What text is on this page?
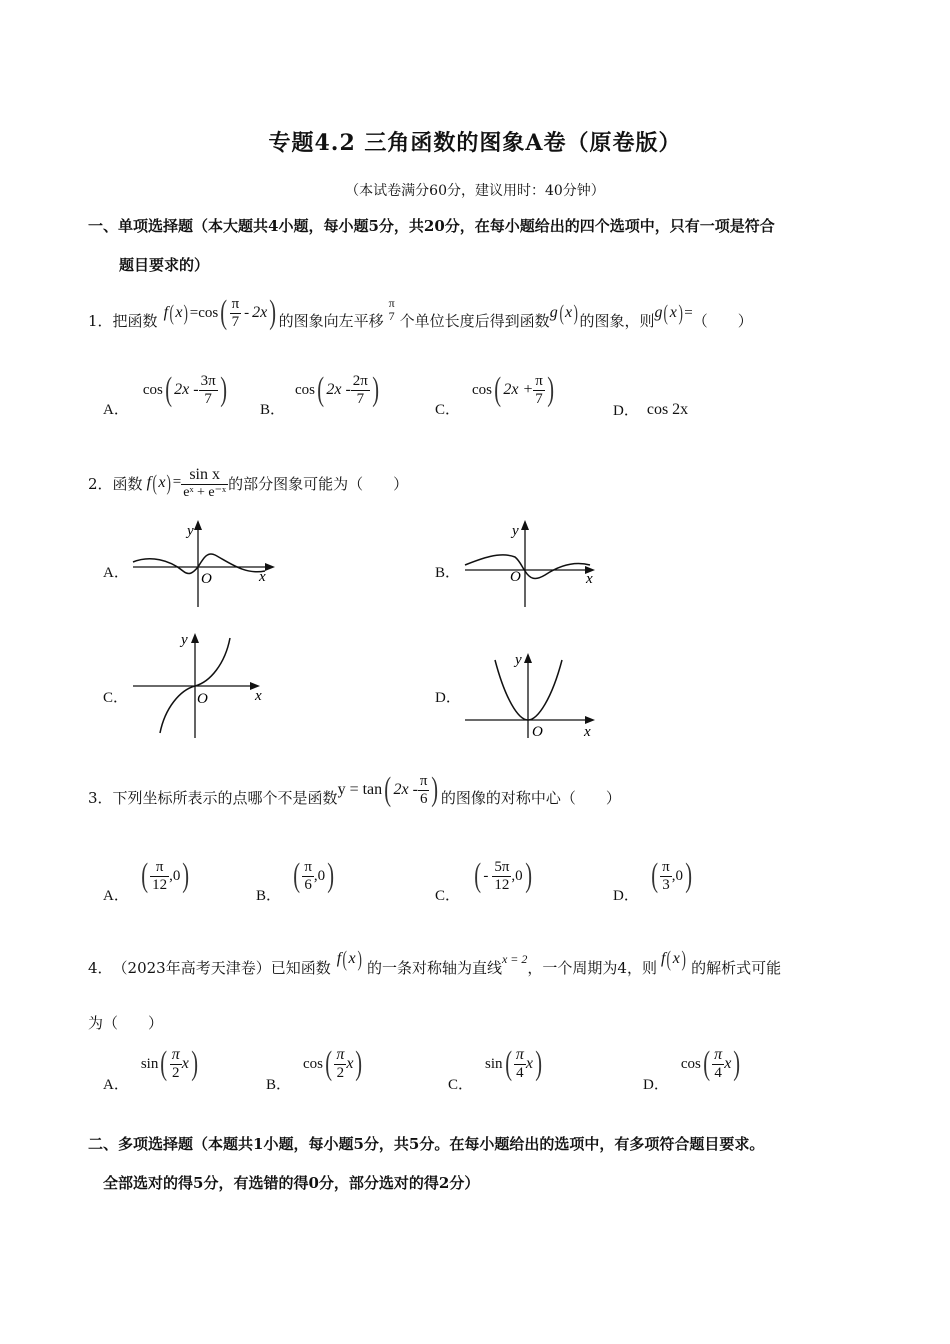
专题4.2 三角函数的图象A卷（原卷版）
（本试卷满分60分，建议用时：40分钟）
一、单项选择题（本大题共4小题，每小题5分，共20分，在每小题给出的四个选项中，只有一项是符合
题目要求的）
1． 把函数 f ( x ) = cos ( $\frac{\pi}{7} - 2x$ ) 的图象向左平移
π
7 个单位长度后得到函数 g ( x ) 的图象，则 g ( x ) = （　　）
A．
cos ( $2x - \frac{3\pi}{7}$ )
B．
cos ( $2x - \frac{2\pi}{7}$ )
C．
cos ( $2x + \frac{\pi}{7}$ )
D． cos 2x
2． 函数 f ( x ) = $\frac{\text{sin x}}{\text{eˣ + e⁻ˣ}}$ 的部分图象可能为（　　）
A．
y
x
O	B．
y
x
O
C．
y
x
O	D．
y
x
O
3． 下列坐标所表示的点哪个不是函数 y = tan ( $2x - \frac{\pi}{6}$ ) 的图像的对称中心（　　）
A．
( $\frac{\pi}{12} ,0$ )
B．
( $\frac{\pi}{6} ,0$ )
C．
( - $\frac{5\pi}{12} ,0$ )
D．
( $\frac{\pi}{3} ,0$ )
4． （2023年高考天津卷）已知函数 f ( x ) 的一条对称轴为直线 x = 2 ，一个周期为4，则 f ( x ) 的解析式可能
为（　　）
A．
sin ( $\frac{\pi}{2}$ x )
B．
cos ( $\frac{\pi}{2}$ x )
C．
sin ( $\frac{\pi}{4}$ x )
D．
cos ( $\frac{\pi}{4}$ x )
二、多项选择题（本题共1小题，每小题5分，共5分。在每小题给出的选项中，有多项符合题目要求。
全部选对的得5分，有选错的得0分，部分选对的得2分）
